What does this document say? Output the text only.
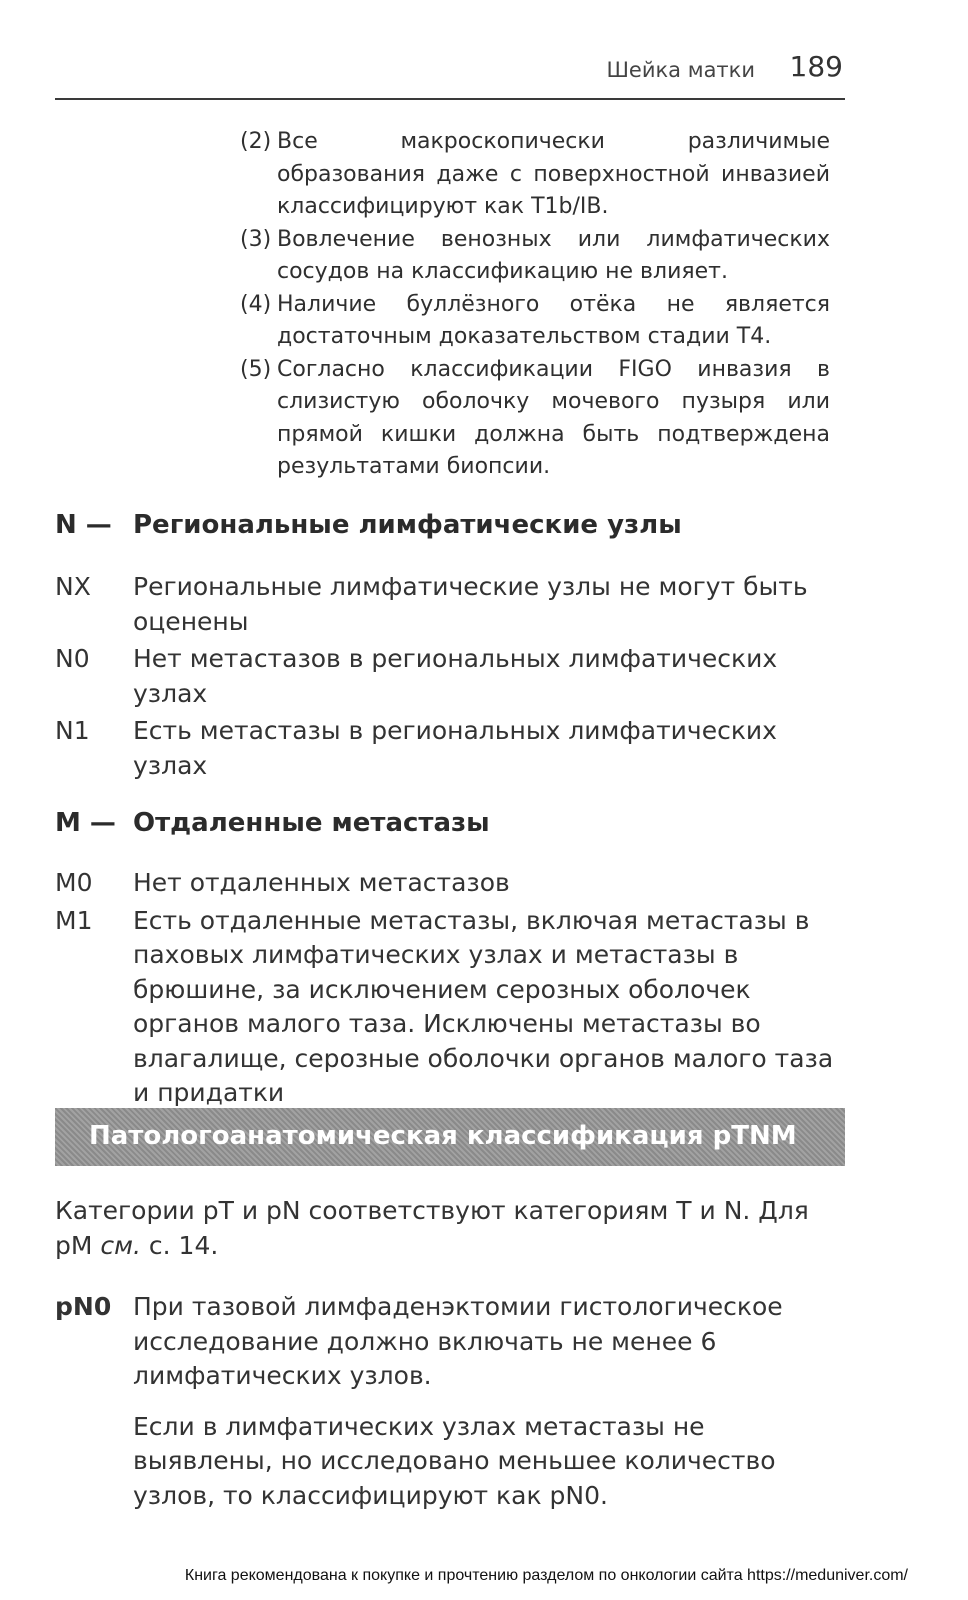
Шейка матки 189
(2) Все макроскопически различимые образования даже с поверхностной инвазией классифицируют как T1b/IB.
(3) Вовлечение венозных или лимфатических сосудов на классификацию не влияет.
(4) Наличие буллёзного отёка не является достаточным доказательством стадии T4.
(5) Согласно классификации FIGO инвазия в слизистую оболочку мочевого пузыря или прямой кишки должна быть подтверждена результатами биопсии.
N — Региональные лимфатические узлы
NX	Региональные лимфатические узлы не могут быть оценены
N0	Нет метастазов в региональных лимфатических узлах
N1	Есть метастазы в региональных лимфатических узлах
M — Отдаленные метастазы
M0	Нет отдаленных метастазов
M1	Есть отдаленные метастазы, включая метастазы в паховых лимфатических узлах и метастазы в брюшине, за исключением серозных оболочек органов малого таза. Исключены метастазы во влагалище, серозные оболочки органов малого таза и придатки
Патологоанатомическая классификация pTNM
Категории pT и pN соответствуют категориям T и N. Для pM см. с. 14.
pN0 При тазовой лимфаденэктомии гистологическое исследование должно включать не менее 6 лимфатических узлов.
Если в лимфатических узлах метастазы не выявлены, но исследовано меньшее количество узлов, то классифицируют как pN0.
Книга рекомендована к покупке и прочтению разделом по онкологии сайта https://meduniver.com/
